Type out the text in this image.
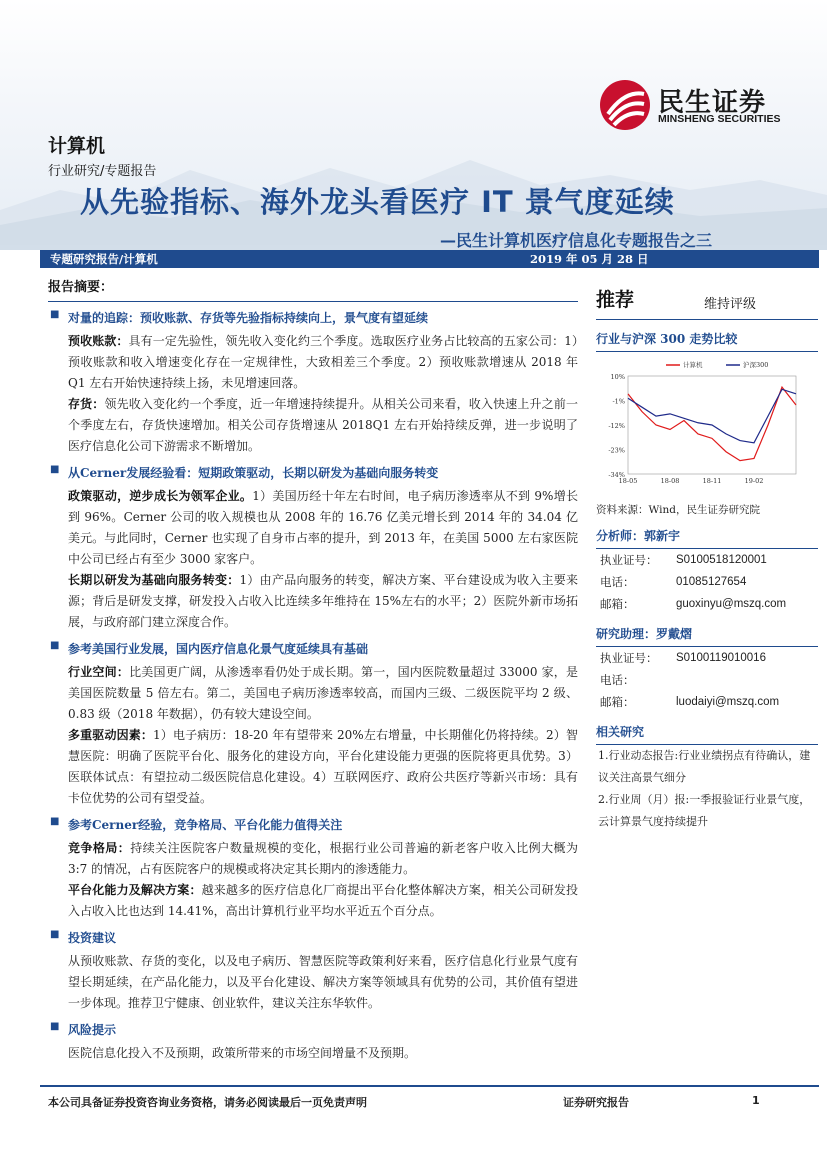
民生证券
MINSHENG SECURITIES
计算机
行业研究/专题报告
从先验指标、海外龙头看医疗 IT 景气度延续
—民生计算机医疗信息化专题报告之三
专题研究报告/计算机	2019 年 05 月 28 日
报告摘要：
■ 对量的追踪：预收账款、存货等先验指标持续向上，景气度有望延续
预收账款：具有一定先验性，领先收入变化约三个季度。选取医疗业务占比较高的五家公司：1）预收账款和收入增速变化存在一定规律性，大致相差三个季度。2）预收账款增速从 2018 年 Q1 左右开始快速持续上扬，未见增速回落。
存货：领先收入变化约一个季度，近一年增速持续提升。从相关公司来看，收入快速上升之前一个季度左右，存货快速增加。相关公司存货增速从 2018Q1 左右开始持续反弹，进一步说明了医疗信息化公司下游需求不断增加。
■ 从Cerner发展经验看：短期政策驱动，长期以研发为基础向服务转变
政策驱动，逆步成长为领军企业。1）美国历经十年左右时间，电子病历渗透率从不到 9%增长到 96%。Cerner 公司的收入规模也从 2008 年的 16.76 亿美元增长到 2014 年的 34.04 亿美元。与此同时，Cerner 也实现了自身市占率的提升，到 2013 年，在美国 5000 左右家医院中公司已经占有至少 3000 家客户。
长期以研发为基础向服务转变：1）由产品向服务的转变，解决方案、平台建设成为收入主要来源；背后是研发支撑，研发投入占收入比连续多年维持在 15%左右的水平；2）医院外新市场拓展，与政府部门建立深度合作。
■ 参考美国行业发展，国内医疗信息化景气度延续具有基础
行业空间：比美国更广阔，从渗透率看仍处于成长期。第一，国内医院数量超过 33000 家，是美国医院数量 5 倍左右。第二，美国电子病历渗透率较高，而国内三级、二级医院平均 2 级、0.83 级（2018 年数据），仍有较大建设空间。
多重驱动因素：1）电子病历：18-20 年有望带来 20%左右增量，中长期催化仍将持续。2）智慧医院：明确了医院平台化、服务化的建设方向，平台化建设能力更强的医院将更具优势。3）医联体试点：有望拉动二级医院信息化建设。4）互联网医疗、政府公共医疗等新兴市场：具有卡位优势的公司有望受益。
■ 参考Cerner经验，竞争格局、平台化能力值得关注
竞争格局：持续关注医院客户数量规模的变化，根据行业公司普遍的新老客户收入比例大概为 3:7 的情况，占有医院客户的规模或将决定其长期内的渗透能力。
平台化能力及解决方案：越来越多的医疗信息化厂商提出平台化整体解决方案，相关公司研发投入占收入比也达到 14.41%，高出计算机行业平均水平近五个百分点。
■ 投资建议
从预收账款、存货的变化，以及电子病历、智慧医院等政策利好来看，医疗信息化行业景气度有望长期延续，在产品化能力，以及平台化建设、解决方案等领域具有优势的公司，其价值有望进一步体现。推荐卫宁健康、创业软件，建议关注东华软件。
■ 风险提示
医院信息化投入不及预期，政策所带来的市场空间增量不及预期。
推荐	维持评级
行业与沪深 300 走势比较
10%
-1%
-12%
-23%
-34%
18-05	18-08	18-11	19-02
计算机	沪深300
资料来源：Wind，民生证券研究院
分析师：郭新宇
执业证号： S0100518120001
电话：	01085127654
邮箱：	guoxinyu@mszq.com
研究助理：罗戴熠
执业证号： S0100119010016
电话：
邮箱：	luodaiyi@mszq.com
相关研究
1.行业动态报告:行业业绩拐点有待确认，建议关注高景气细分
2.行业周（月）报:一季报验证行业景气度，云计算景气度持续提升
本公司具备证券投资咨询业务资格，请务必阅读最后一页免责声明	证券研究报告	1
